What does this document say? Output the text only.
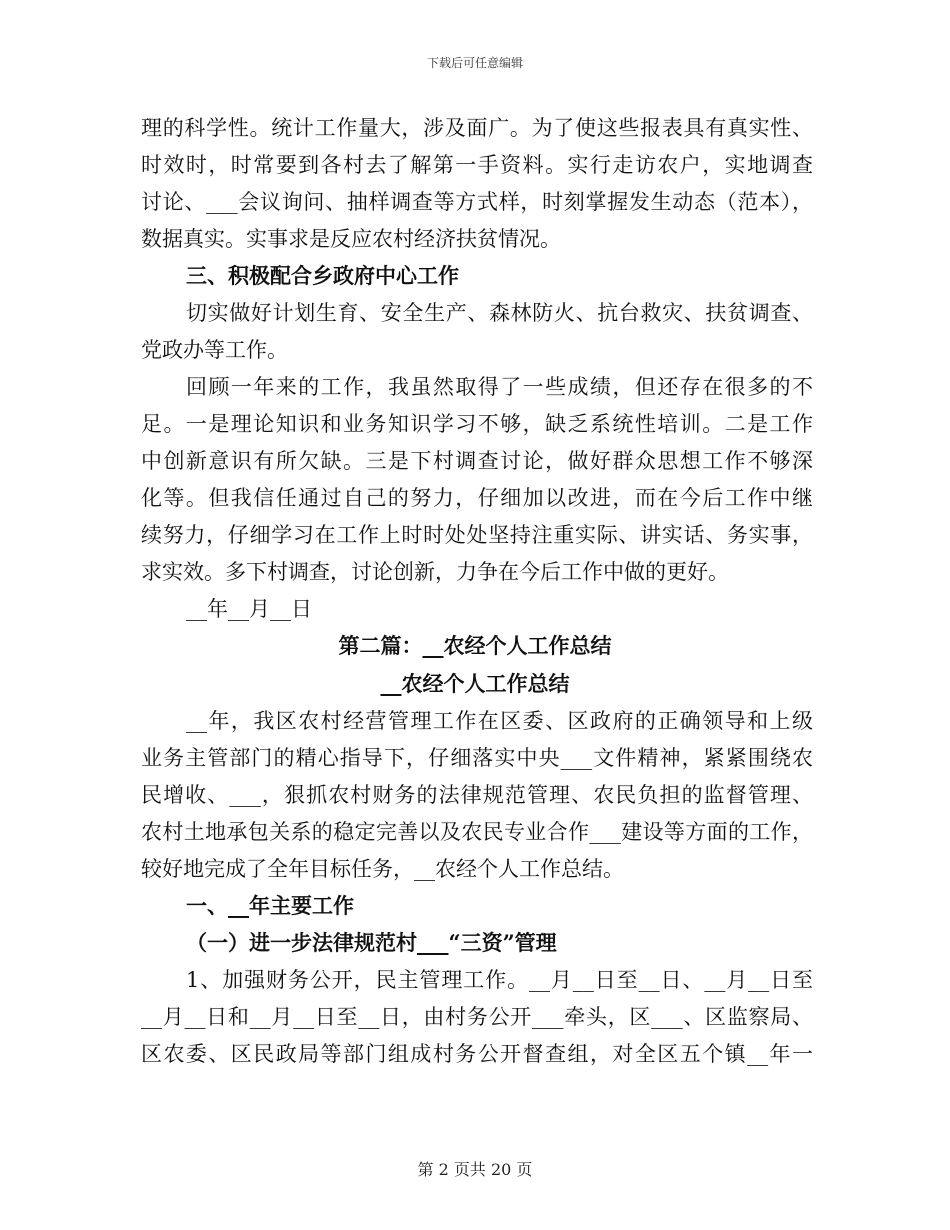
下载后可任意编辑
理的科学性。统计工作量大，涉及面广。为了使这些报表具有真实性、
时效时，时常要到各村去了解第一手资料。实行走访农户，实地调查
讨论、___会议询问、抽样调查等方式样，时刻掌握发生动态（范本），
数据真实。实事求是反应农村经济扶贫情况。
三、积极配合乡政府中心工作
切实做好计划生育、安全生产、森林防火、抗台救灾、扶贫调查、
党政办等工作。
回顾一年来的工作，我虽然取得了一些成绩，但还存在很多的不
足。一是理论知识和业务知识学习不够，缺乏系统性培训。二是工作
中创新意识有所欠缺。三是下村调查讨论，做好群众思想工作不够深
化等。但我信任通过自己的努力，仔细加以改进，而在今后工作中继
续努力，仔细学习在工作上时时处处坚持注重实际、讲实话、务实事，
求实效。多下村调查，讨论创新，力争在今后工作中做的更好。
__年__月__日
第二篇：__农经个人工作总结
__农经个人工作总结
__年，我区农村经营管理工作在区委、区政府的正确领导和上级
业务主管部门的精心指导下，仔细落实中央___文件精神，紧紧围绕农
民增收、___，狠抓农村财务的法律规范管理、农民负担的监督管理、
农村土地承包关系的稳定完善以及农民专业合作___建设等方面的工作，
较好地完成了全年目标任务，__农经个人工作总结。
一、__年主要工作
（一）进一步法律规范村___“三资”管理
1、加强财务公开，民主管理工作。__月__日至__日、__月__日至
__月__日和__月__日至__日，由村务公开___牵头，区___、区监察局、
区农委、区民政局等部门组成村务公开督查组，对全区五个镇__年一
第 2 页共 20 页
